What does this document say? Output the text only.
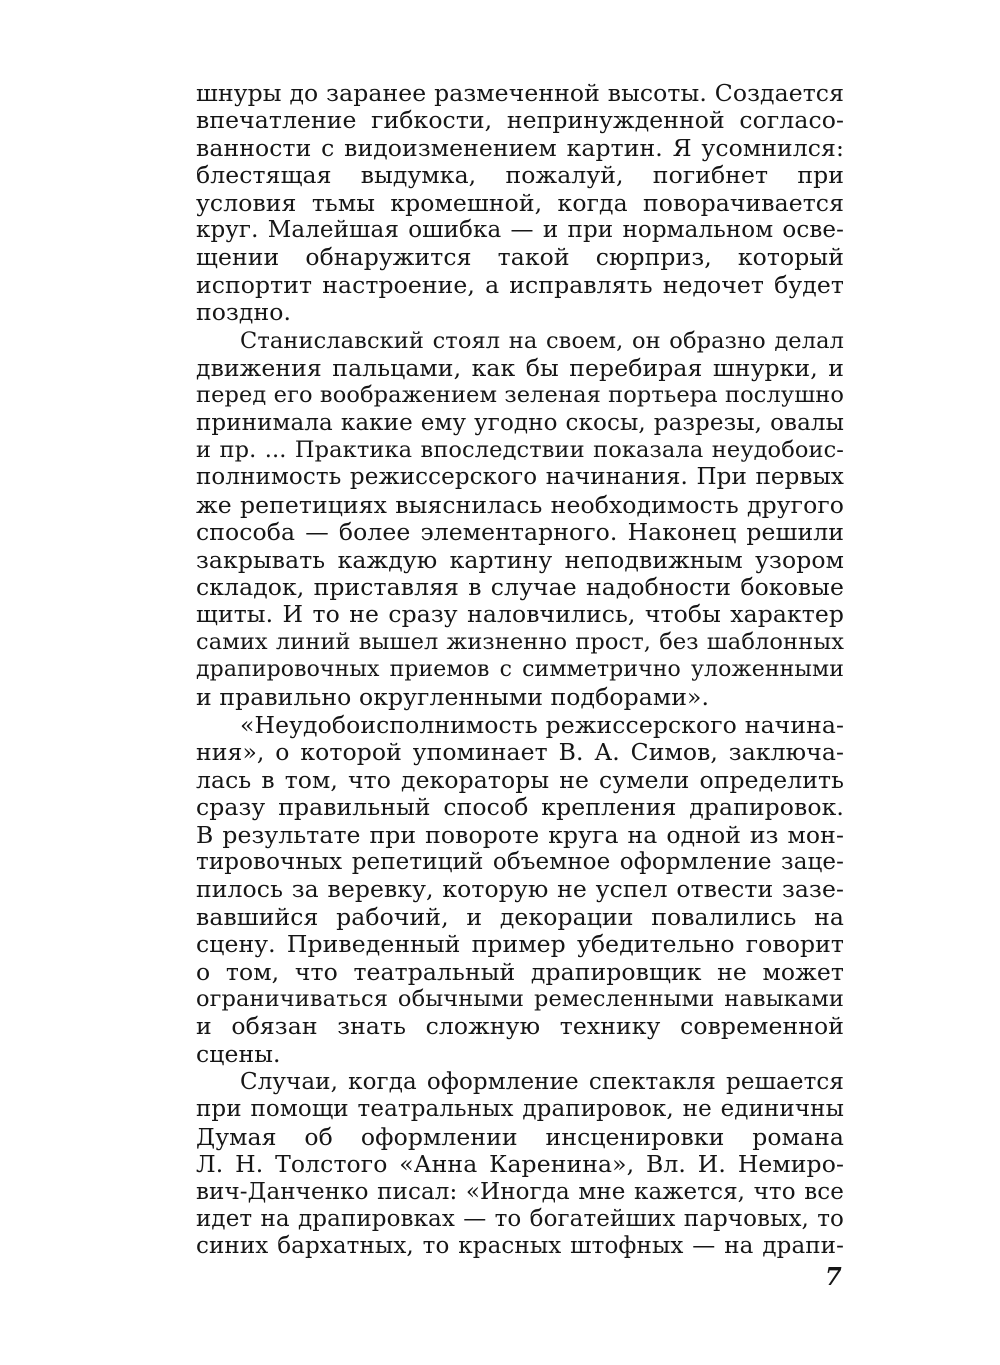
шнуры до заранее размеченной высоты. Создается
впечатление гибкости, непринужденной согласо-
ванности с видоизменением картин. Я усомнился:
блестящая выдумка, пожалуй, погибнет при
условия тьмы кромешной, когда поворачивается
круг. Малейшая ошибка — и при нормальном осве-
щении обнаружится такой сюрприз, который
испортит настроение, а исправлять недочет будет
поздно.
Станиславский стоял на своем, он образно делал
движения пальцами, как бы перебирая шнурки, и
перед его воображением зеленая портьера послушно
принимала какие ему угодно скосы, разрезы, овалы
и пр. ... Практика впоследствии показала неудобоис-
полнимость режиссерского начинания. При первых
же репетициях выяснилась необходимость другого
способа — более элементарного. Наконец решили
закрывать каждую картину неподвижным узором
складок, приставляя в случае надобности боковые
щиты. И то не сразу наловчились, чтобы характер
самих линий вышел жизненно прост, без шаблонных
драпировочных приемов с симметрично уложенными
и правильно округленными подборами».
«Неудобоисполнимость режиссерского начина-
ния», о которой упоминает В. А. Симов, заключа-
лась в том, что декораторы не сумели определить
сразу правильный способ крепления драпировок.
В результате при повороте круга на одной из мон-
тировочных репетиций объемное оформление заце-
пилось за веревку, которую не успел отвести зазе-
вавшийся рабочий, и декорации повалились на
сцену. Приведенный пример убедительно говорит
о том, что театральный драпировщик не может
ограничиваться обычными ремесленными навыками
и обязан знать сложную технику современной
сцены.
Случаи, когда оформление спектакля решается
при помощи театральных драпировок, не единичны
Думая об оформлении инсценировки романа
Л. Н. Толстого «Анна Каренина», Вл. И. Немиро-
вич-Данченко писал: «Иногда мне кажется, что все
идет на драпировках — то богатейших парчовых, то
синих бархатных, то красных штофных — на драпи-
7
